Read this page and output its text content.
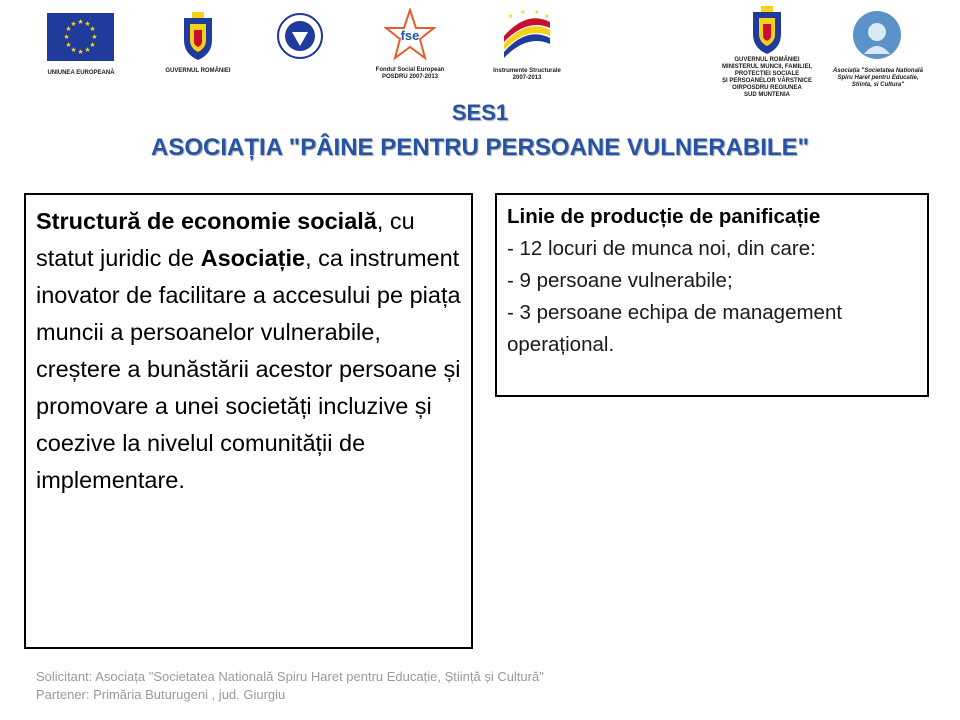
★ ★
★
★
★
★
★
★
★
★
★
★
UNIUNEA EUROPEANĂ	GUVERNUL ROMÂNIEI
fse
Fondul Social European
POSDRU 2007-2013
★
★ ★
★
Instrumente Structurale
2007-2013
GUVERNUL ROMÂNIEI
MINISTERUL MUNCII, FAMILIEI,
PROTECȚIEI SOCIALE
ȘI PERSOANELOR VÂRSTNICE
OIRPOSDRU REGIUNEA
SUD MUNTENIA
Asociația "Societatea Natională
Spiru Haret pentru Educatie,
Stiinta, si Cultura"
SES1
ASOCIAȚIA "PÂINE PENTRU PERSOANE VULNERABILE"

Structură de economie socială, cu statut juridic de Asociație, ca instrument inovator de facilitare a accesului pe piața muncii a persoanelor vulnerabile, creștere a bunăstării acestor persoane și promovare a unei societăți incluzive și coezive la nivelul comunității de implementare.

Linie de producție de panificație

- 12 locuri de munca noi, din care:

- 9 persoane vulnerabile;

- 3 persoane echipa de management operațional.

Solicitant: Asociața "Societatea Natională Spiru Haret pentru Educație, Știință și Cultură"
Partener: Primăria Buturugeni , jud. Giurgiu
